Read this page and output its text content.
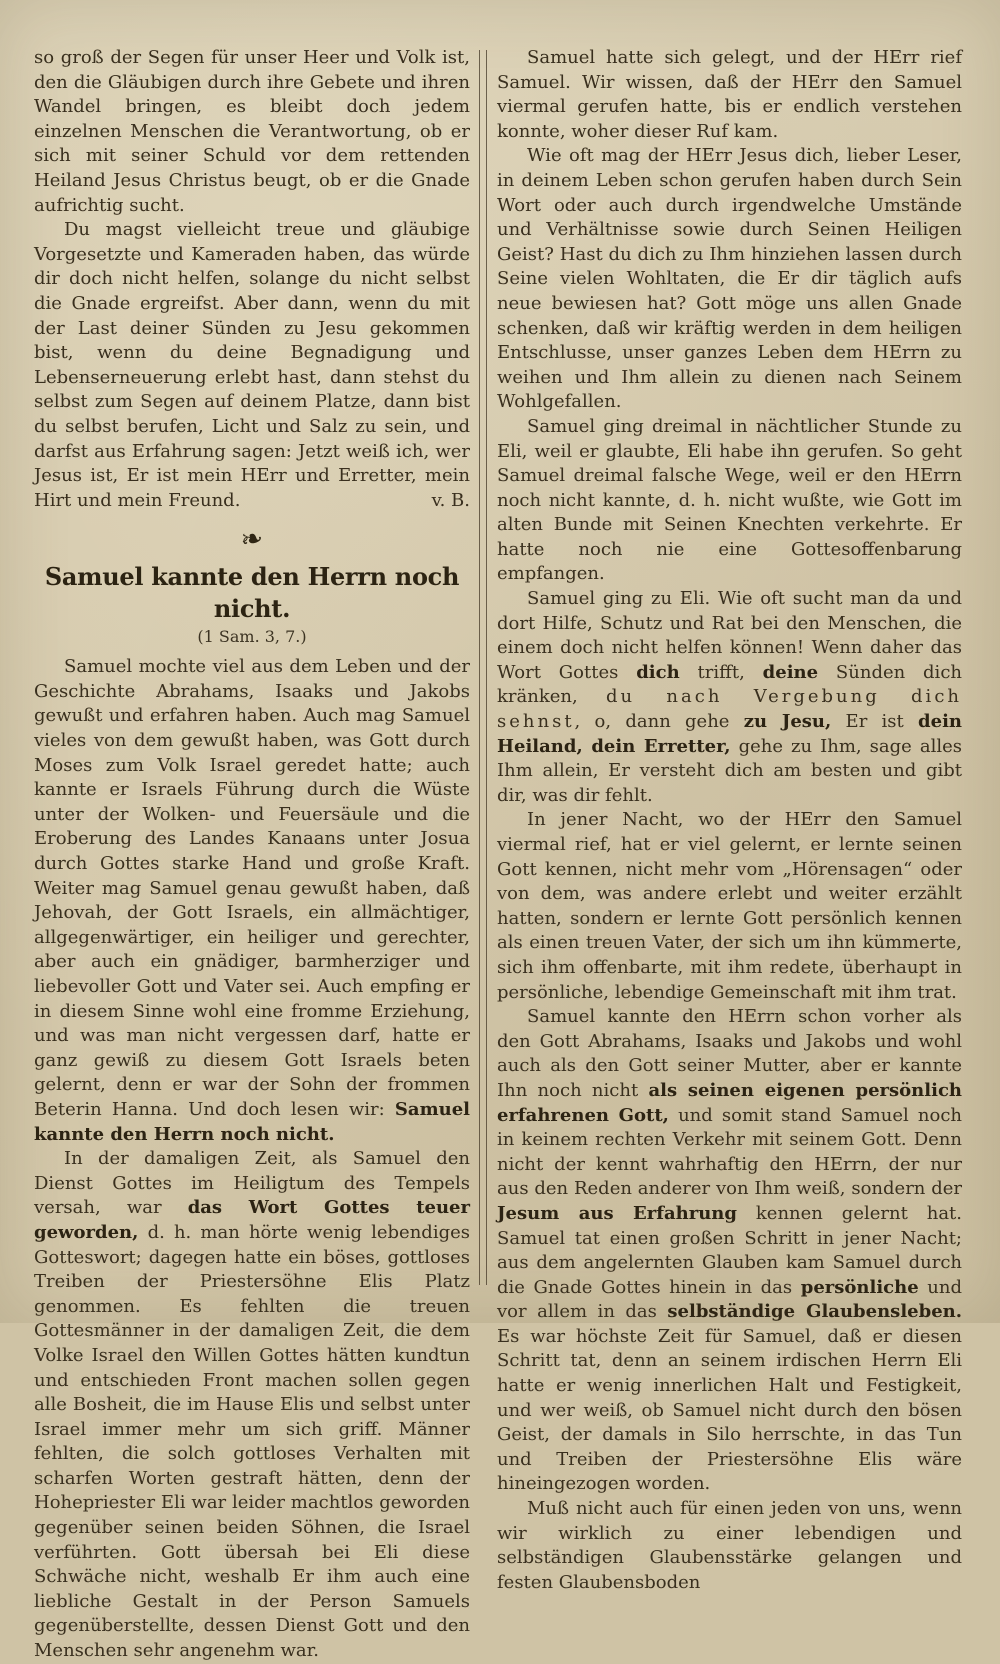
so groß der Segen für unser Heer und Volk ist, den die Gläubigen durch ihre Gebete und ihren Wandel bringen, es bleibt doch jedem einzelnen Menschen die Verantwortung, ob er sich mit seiner Schuld vor dem rettenden Heiland Jesus Christus beugt, ob er die Gnade aufrichtig sucht.

Du magst vielleicht treue und gläubige Vorgesetzte und Kameraden haben, das würde dir doch nicht helfen, solange du nicht selbst die Gnade ergreifst. Aber dann, wenn du mit der Last deiner Sünden zu Jesu gekommen bist, wenn du deine Begnadigung und Lebenserneuerung erlebt hast, dann stehst du selbst zum Segen auf deinem Platze, dann bist du selbst berufen, Licht und Salz zu sein, und darfst aus Erfahrung sagen: Jetzt weiß ich, wer Jesus ist, Er ist mein HErr und Erretter, mein Hirt und mein Freund.	v. B.

❧
Samuel kannte den Herrn noch nicht.
(1 Sam. 3, 7.)

Samuel mochte viel aus dem Leben und der Geschichte Abrahams, Isaaks und Jakobs gewußt und erfahren haben. Auch mag Samuel vieles von dem gewußt haben, was Gott durch Moses zum Volk Israel geredet hatte; auch kannte er Israels Führung durch die Wüste unter der Wolken- und Feuersäule und die Eroberung des Landes Kanaans unter Josua durch Gottes starke Hand und große Kraft. Weiter mag Samuel genau gewußt haben, daß Jehovah, der Gott Israels, ein allmächtiger, allgegenwärtiger, ein heiliger und gerechter, aber auch ein gnädiger, barmherziger und liebevoller Gott und Vater sei. Auch empfing er in diesem Sinne wohl eine fromme Erziehung, und was man nicht vergessen darf, hatte er ganz gewiß zu diesem Gott Israels beten gelernt, denn er war der Sohn der frommen Beterin Hanna. Und doch lesen wir: Samuel kannte den Herrn noch nicht.

In der damaligen Zeit, als Samuel den Dienst Gottes im Heiligtum des Tempels versah, war das Wort Gottes teuer geworden, d. h. man hörte wenig lebendiges Gotteswort; dagegen hatte ein böses, gottloses Treiben der Priestersöhne Elis Platz genommen. Es fehlten die treuen Gottesmänner in der damaligen Zeit, die dem Volke Israel den Willen Gottes hätten kundtun und entschieden Front machen sollen gegen alle Bosheit, die im Hause Elis und selbst unter Israel immer mehr um sich griff. Männer fehlten, die solch gottloses Verhalten mit scharfen Worten gestraft hätten, denn der Hohepriester Eli war leider machtlos geworden gegenüber seinen beiden Söhnen, die Israel verführten. Gott übersah bei Eli diese Schwäche nicht, weshalb Er ihm auch eine liebliche Gestalt in der Person Samuels gegenüberstellte, dessen Dienst Gott und den Menschen sehr angenehm war.

Samuel hatte sich gelegt, und der HErr rief Samuel. Wir wissen, daß der HErr den Samuel viermal gerufen hatte, bis er endlich verstehen konnte, woher dieser Ruf kam.

Wie oft mag der HErr Jesus dich, lieber Leser, in deinem Leben schon gerufen haben durch Sein Wort oder auch durch irgendwelche Umstände und Verhältnisse sowie durch Seinen Heiligen Geist? Hast du dich zu Ihm hinziehen lassen durch Seine vielen Wohltaten, die Er dir täglich aufs neue bewiesen hat? Gott möge uns allen Gnade schenken, daß wir kräftig werden in dem heiligen Entschlusse, unser ganzes Leben dem HErrn zu weihen und Ihm allein zu dienen nach Seinem Wohlgefallen.

Samuel ging dreimal in nächtlicher Stunde zu Eli, weil er glaubte, Eli habe ihn gerufen. So geht Samuel dreimal falsche Wege, weil er den HErrn noch nicht kannte, d. h. nicht wußte, wie Gott im alten Bunde mit Seinen Knechten verkehrte. Er hatte noch nie eine Gottesoffenbarung empfangen.

Samuel ging zu Eli. Wie oft sucht man da und dort Hilfe, Schutz und Rat bei den Menschen, die einem doch nicht helfen können! Wenn daher das Wort Gottes dich trifft, deine Sünden dich kränken, du nach Vergebung dich sehnst, o, dann gehe zu Jesu, Er ist dein Heiland, dein Erretter, gehe zu Ihm, sage alles Ihm allein, Er versteht dich am besten und gibt dir, was dir fehlt.

In jener Nacht, wo der HErr den Samuel viermal rief, hat er viel gelernt, er lernte seinen Gott kennen, nicht mehr vom „Hörensagen“ oder von dem, was andere erlebt und weiter erzählt hatten, sondern er lernte Gott persönlich kennen als einen treuen Vater, der sich um ihn kümmerte, sich ihm offenbarte, mit ihm redete, überhaupt in persönliche, lebendige Gemeinschaft mit ihm trat.

Samuel kannte den HErrn schon vorher als den Gott Abrahams, Isaaks und Jakobs und wohl auch als den Gott seiner Mutter, aber er kannte Ihn noch nicht als seinen eigenen persönlich erfahrenen Gott, und somit stand Samuel noch in keinem rechten Verkehr mit seinem Gott. Denn nicht der kennt wahrhaftig den HErrn, der nur aus den Reden anderer von Ihm weiß, sondern der Jesum aus Erfahrung kennen gelernt hat. Samuel tat einen großen Schritt in jener Nacht; aus dem angelernten Glauben kam Samuel durch die Gnade Gottes hinein in das persönliche und vor allem in das selbständige Glaubensleben. Es war höchste Zeit für Samuel, daß er diesen Schritt tat, denn an seinem irdischen Herrn Eli hatte er wenig innerlichen Halt und Festigkeit, und wer weiß, ob Samuel nicht durch den bösen Geist, der damals in Silo herrschte, in das Tun und Treiben der Priestersöhne Elis wäre hineingezogen worden.

Muß nicht auch für einen jeden von uns, wenn wir wirklich zu einer lebendigen und selbständigen Glaubensstärke gelangen und festen Glaubensboden
